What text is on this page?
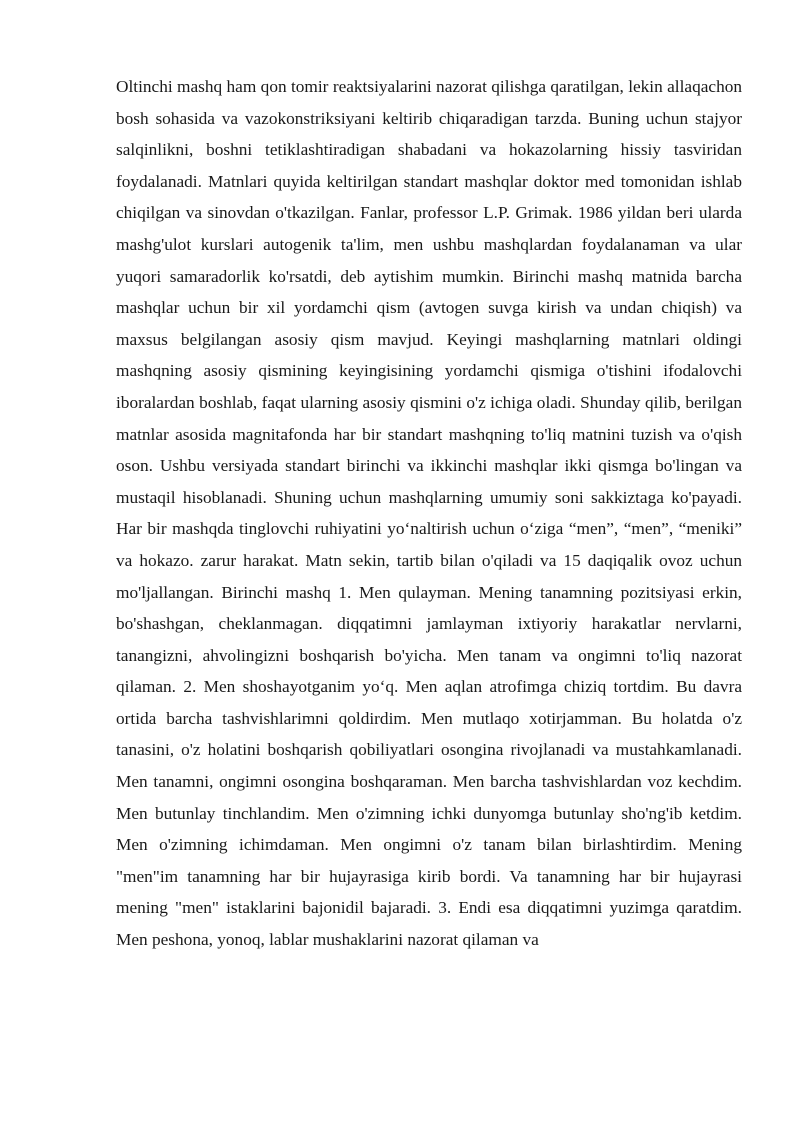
Oltinchi mashq ham qon tomir reaktsiyalarini nazorat qilishga qaratilgan, lekin allaqachon bosh sohasida va vazokonstriksiyani keltirib chiqaradigan tarzda. Buning uchun stajyor salqinlikni, boshni tetiklashtiradigan shabadani va hokazolarning hissiy tasviridan foydalanadi. Matnlari quyida keltirilgan standart mashqlar doktor med tomonidan ishlab chiqilgan va sinovdan o'tkazilgan. Fanlar, professor L.P. Grimak. 1986 yildan beri ularda mashg'ulot kurslari autogenik ta'lim, men ushbu mashqlardan foydalanaman va ular yuqori samaradorlik ko'rsatdi, deb aytishim mumkin. Birinchi mashq matnida barcha mashqlar uchun bir xil yordamchi qism (avtogen suvga kirish va undan chiqish) va maxsus belgilangan asosiy qism mavjud. Keyingi mashqlarning matnlari oldingi mashqning asosiy qismining keyingisining yordamchi qismiga o'tishini ifodalovchi iboralardan boshlab, faqat ularning asosiy qismini o'z ichiga oladi. Shunday qilib, berilgan matnlar asosida magnitafonda har bir standart mashqning to'liq matnini tuzish va o'qish oson. Ushbu versiyada standart birinchi va ikkinchi mashqlar ikki qismga bo'lingan va mustaqil hisoblanadi. Shuning uchun mashqlarning umumiy soni sakkiztaga ko'payadi. Har bir mashqda tinglovchi ruhiyatini yo‘naltirish uchun o‘ziga “men”, “men”, “meniki” va hokazo. zarur harakat. Matn sekin, tartib bilan o'qiladi va 15 daqiqalik ovoz uchun mo'ljallangan. Birinchi mashq 1. Men qulayman. Mening tanamning pozitsiyasi erkin, bo'shashgan, cheklanmagan. diqqatimni jamlayman ixtiyoriy harakatlar nervlarni, tanangizni, ahvolingizni boshqarish bo'yicha. Men tanam va ongimni to'liq nazorat qilaman. 2. Men shoshayotganim yo‘q. Men aqlan atrofimga chiziq tortdim. Bu davra ortida barcha tashvishlarimni qoldirdim. Men mutlaqo xotirjamman. Bu holatda o'z tanasini, o'z holatini boshqarish qobiliyatlari osongina rivojlanadi va mustahkamlanadi. Men tanamni, ongimni osongina boshqaraman. Men barcha tashvishlardan voz kechdim. Men butunlay tinchlandim. Men o'zimning ichki dunyomga butunlay sho'ng'ib ketdim. Men o'zimning ichimdaman. Men ongimni o'z tanam bilan birlashtirdim. Mening "men"im tanamning har bir hujayrasiga kirib bordi. Va tanamning har bir hujayrasi mening "men" istaklarini bajonidil bajaradi. 3. Endi esa diqqatimni yuzimga qaratdim. Men peshona, yonoq, lablar mushaklarini nazorat qilaman va
